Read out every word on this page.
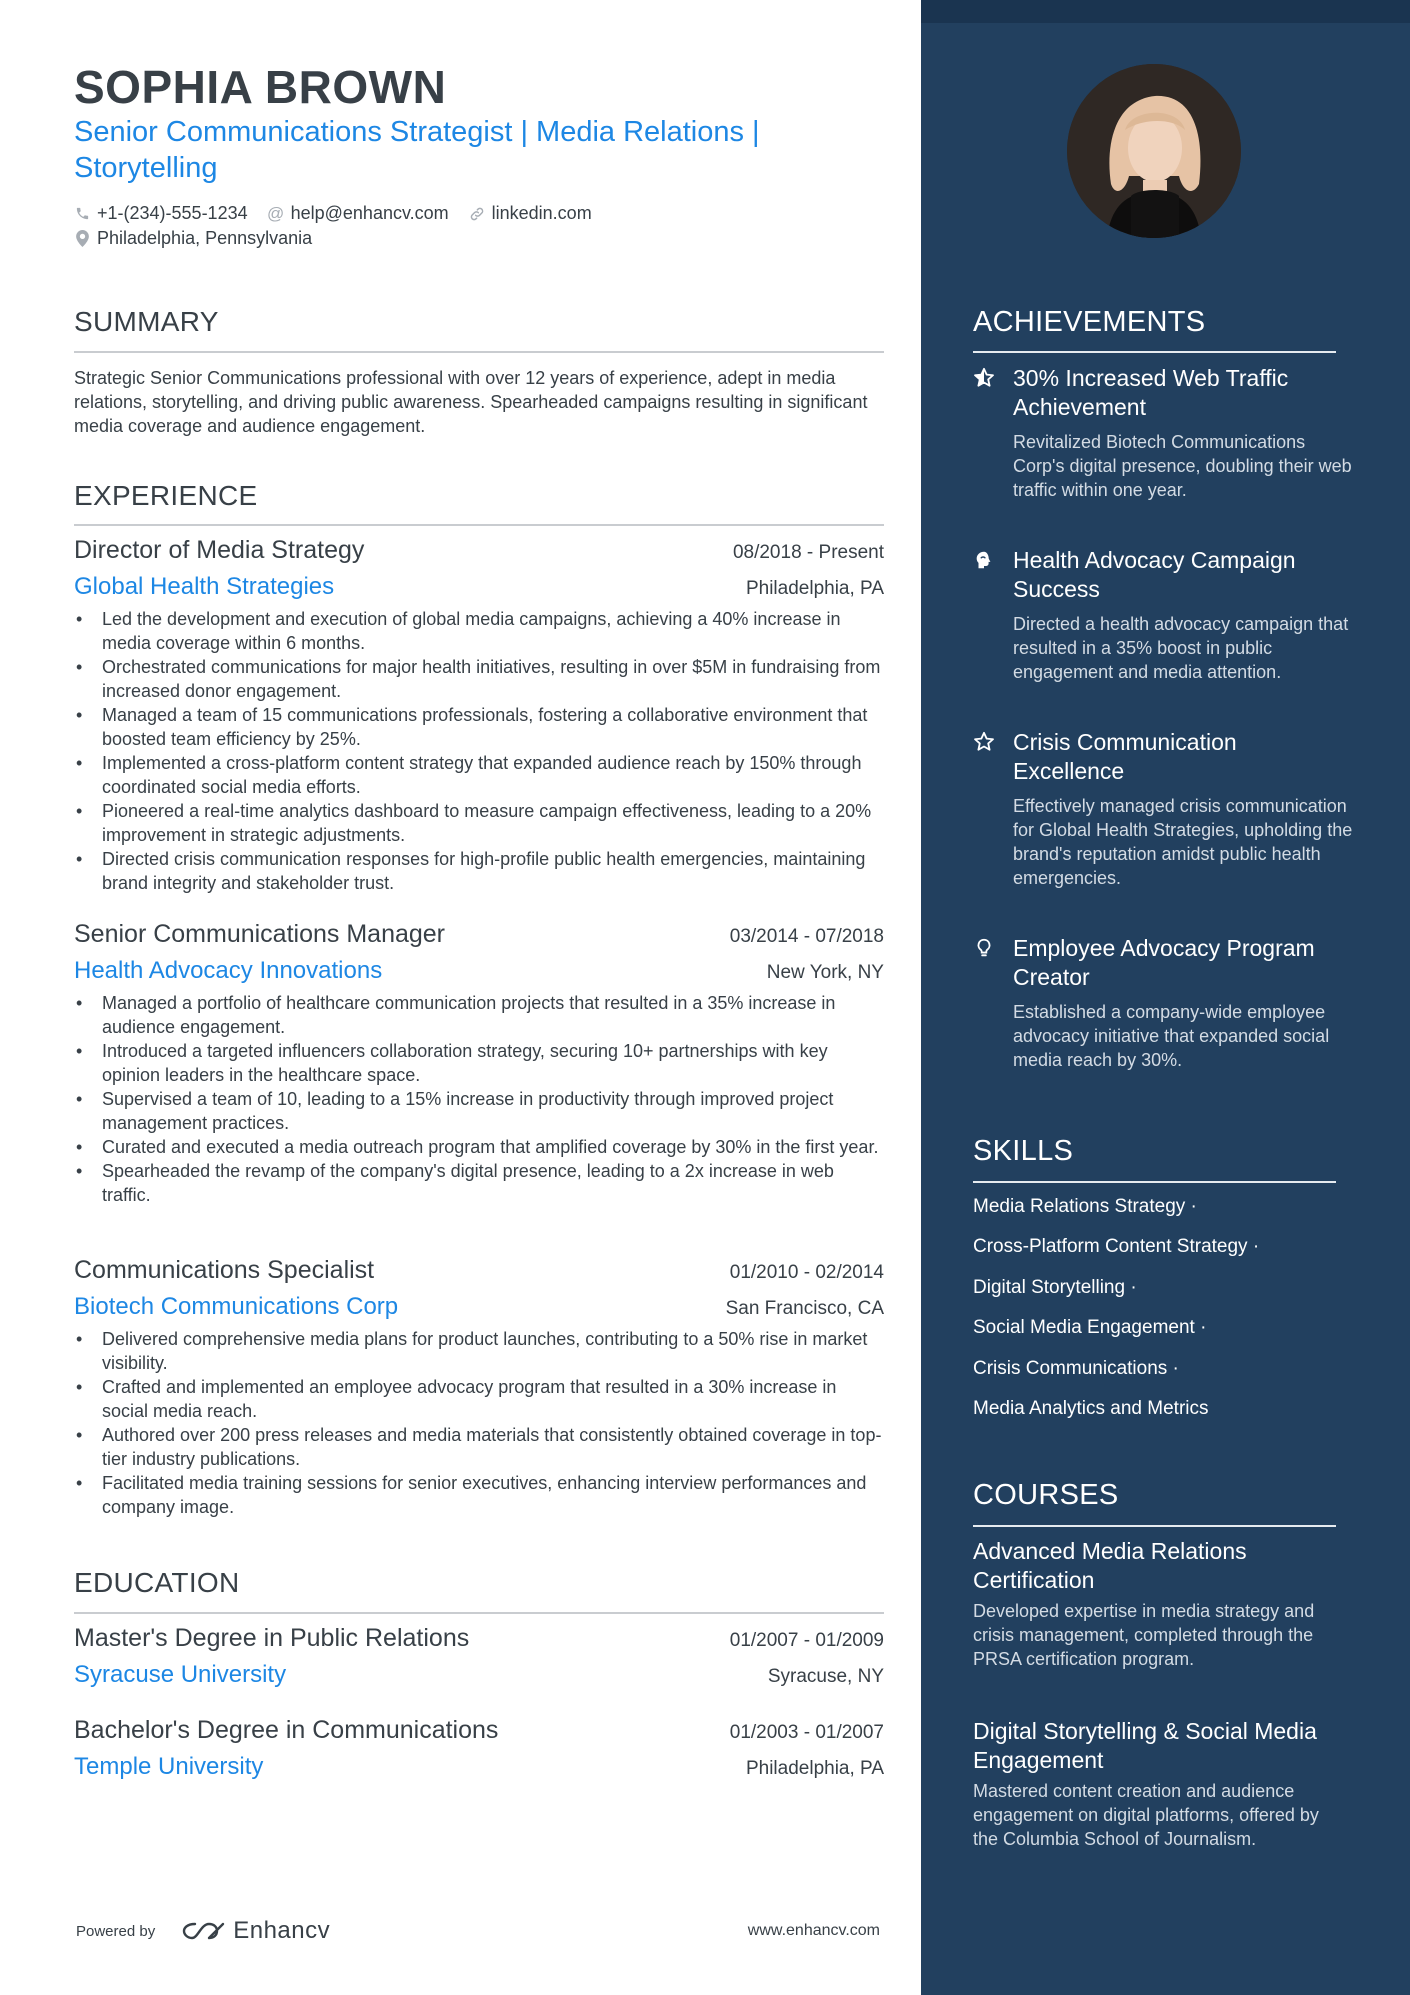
SOPHIA BROWN
Senior Communications Strategist | Media Relations | Storytelling
+1-(234)-555-1234 @ help@enhancv.com linkedin.com
Philadelphia, Pennsylvania
SUMMARY
Strategic Senior Communications professional with over 12 years of experience, adept in media relations, storytelling, and driving public awareness. Spearheaded campaigns resulting in significant media coverage and audience engagement.
EXPERIENCE
Director of Media Strategy	08/2018 - Present
Global Health Strategies	Philadelphia, PA
• Led the development and execution of global media campaigns, achieving a 40% increase in media coverage within 6 months.
• Orchestrated communications for major health initiatives, resulting in over $5M in fundraising from increased donor engagement.
• Managed a team of 15 communications professionals, fostering a collaborative environment that boosted team efficiency by 25%.
• Implemented a cross-platform content strategy that expanded audience reach by 150% through coordinated social media efforts.
• Pioneered a real-time analytics dashboard to measure campaign effectiveness, leading to a 20% improvement in strategic adjustments.
• Directed crisis communication responses for high-profile public health emergencies, maintaining brand integrity and stakeholder trust.
Senior Communications Manager	03/2014 - 07/2018
Health Advocacy Innovations	New York, NY
• Managed a portfolio of healthcare communication projects that resulted in a 35% increase in audience engagement.
• Introduced a targeted influencers collaboration strategy, securing 10+ partnerships with key opinion leaders in the healthcare space.
• Supervised a team of 10, leading to a 15% increase in productivity through improved project management practices.
• Curated and executed a media outreach program that amplified coverage by 30% in the first year.
• Spearheaded the revamp of the company's digital presence, leading to a 2x increase in web traffic.
Communications Specialist	01/2010 - 02/2014
Biotech Communications Corp	San Francisco, CA
• Delivered comprehensive media plans for product launches, contributing to a 50% rise in market visibility.
• Crafted and implemented an employee advocacy program that resulted in a 30% increase in social media reach.
• Authored over 200 press releases and media materials that consistently obtained coverage in top-tier industry publications.
• Facilitated media training sessions for senior executives, enhancing interview performances and company image.
EDUCATION
Master's Degree in Public Relations	01/2007 - 01/2009
Syracuse University	Syracuse, NY
Bachelor's Degree in Communications	01/2003 - 01/2007
Temple University	Philadelphia, PA
Powered by	Enhancv	www.enhancv.com
ACHIEVEMENTS
30% Increased Web Traffic Achievement
Revitalized Biotech Communications Corp's digital presence, doubling their web traffic within one year.
Health Advocacy Campaign Success
Directed a health advocacy campaign that resulted in a 35% boost in public engagement and media attention.
Crisis Communication Excellence
Effectively managed crisis communication for Global Health Strategies, upholding the brand's reputation amidst public health emergencies.
Employee Advocacy Program Creator
Established a company-wide employee advocacy initiative that expanded social media reach by 30%.
SKILLS
Media Relations Strategy ·
Cross-Platform Content Strategy ·
Digital Storytelling ·
Social Media Engagement ·
Crisis Communications ·
Media Analytics and Metrics
COURSES
Advanced Media Relations Certification
Developed expertise in media strategy and crisis management, completed through the PRSA certification program.
Digital Storytelling & Social Media Engagement
Mastered content creation and audience engagement on digital platforms, offered by the Columbia School of Journalism.
